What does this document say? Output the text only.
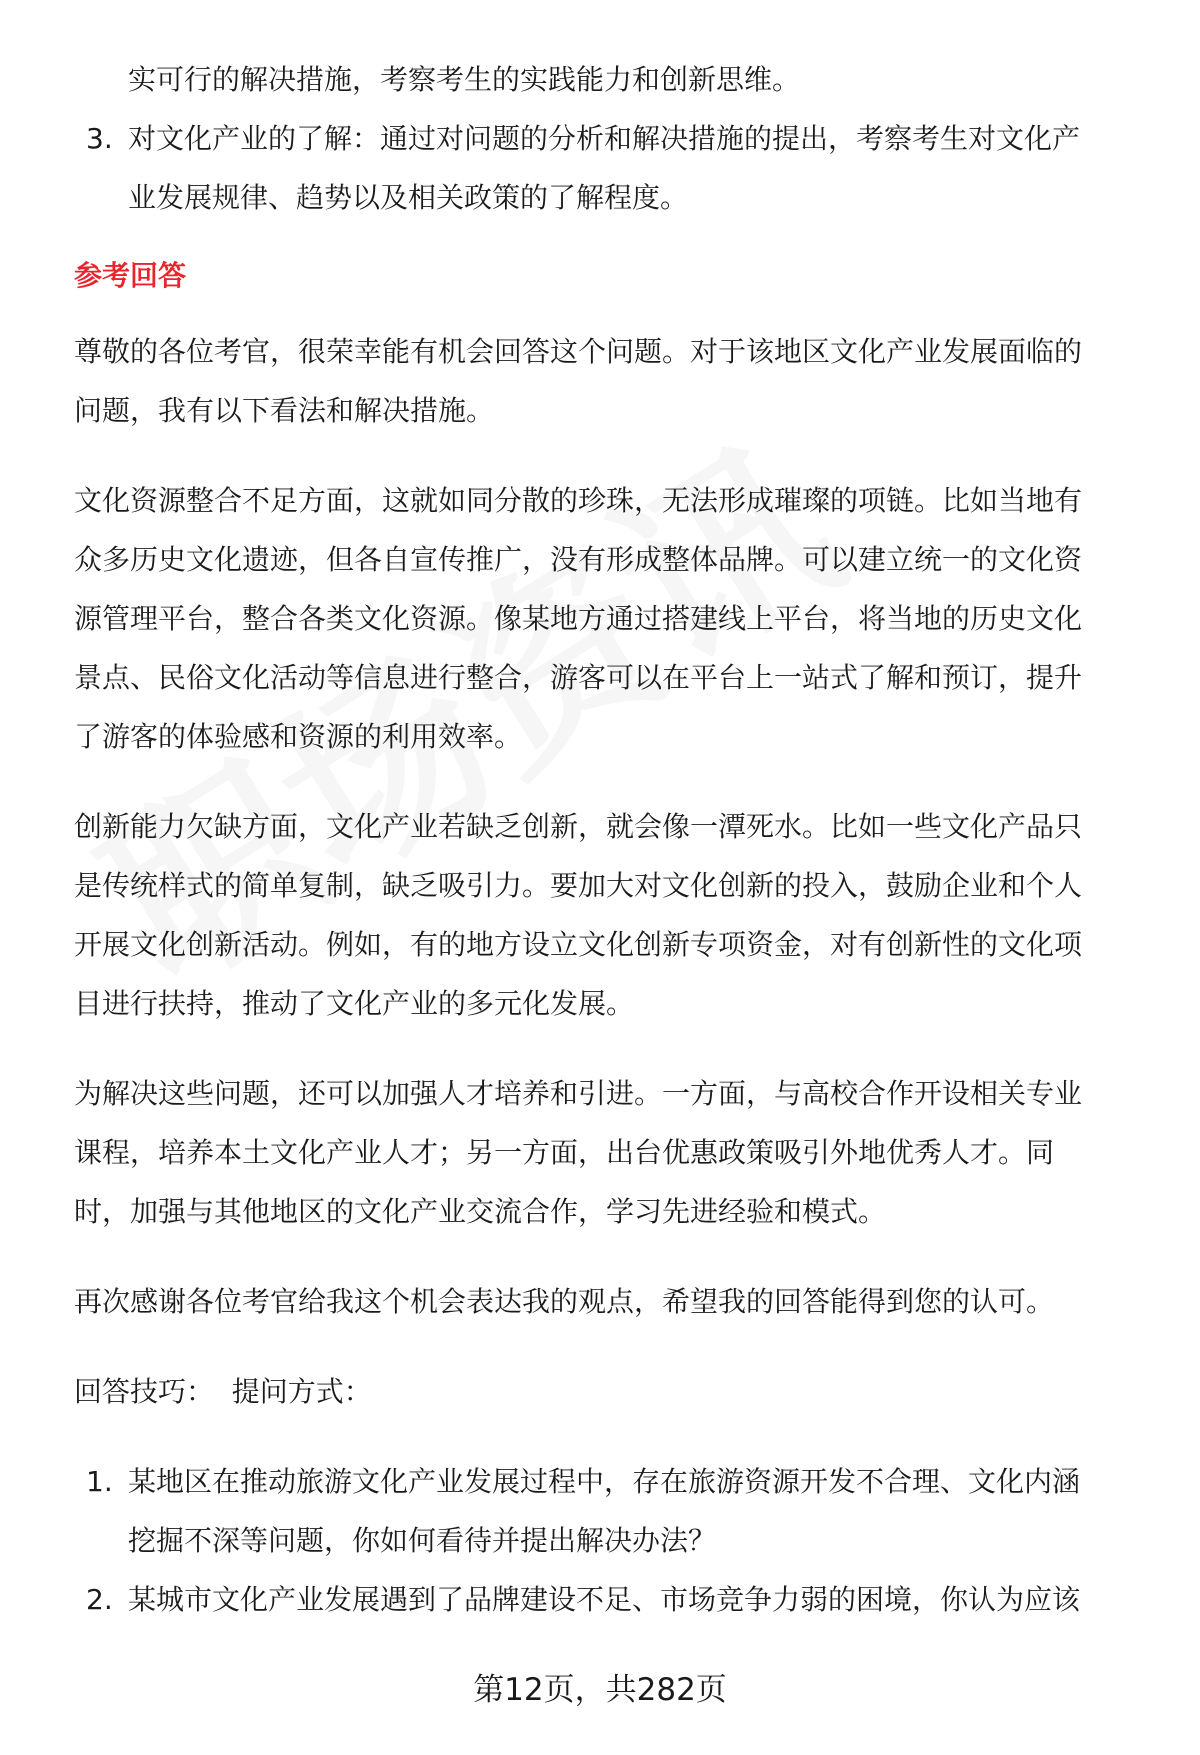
实可行的解决措施，考察考生的实践能力和创新思维。
3. 对文化产业的了解：通过对问题的分析和解决措施的提出，考察考生对文化产
业发展规律、趋势以及相关政策的了解程度。
参考回答

尊敬的各位考官，很荣幸能有机会回答这个问题。对于该地区文化产业发展面临的
问题，我有以下看法和解决措施。

文化资源整合不足方面，这就如同分散的珍珠，无法形成璀璨的项链。比如当地有
众多历史文化遗迹，但各自宣传推广，没有形成整体品牌。可以建立统一的文化资
源管理平台，整合各类文化资源。像某地方通过搭建线上平台，将当地的历史文化
景点、民俗文化活动等信息进行整合，游客可以在平台上一站式了解和预订，提升
了游客的体验感和资源的利用效率。

创新能力欠缺方面，文化产业若缺乏创新，就会像一潭死水。比如一些文化产品只
是传统样式的简单复制，缺乏吸引力。要加大对文化创新的投入，鼓励企业和个人
开展文化创新活动。例如，有的地方设立文化创新专项资金，对有创新性的文化项
目进行扶持，推动了文化产业的多元化发展。

为解决这些问题，还可以加强人才培养和引进。一方面，与高校合作开设相关专业
课程，培养本土文化产业人才；另一方面，出台优惠政策吸引外地优秀人才。同
时，加强与其他地区的文化产业交流合作，学习先进经验和模式。

再次感谢各位考官给我这个机会表达我的观点，希望我的回答能得到您的认可。

回答技巧：  提问方式：

1. 某地区在推动旅游文化产业发展过程中，存在旅游资源开发不合理、文化内涵
挖掘不深等问题，你如何看待并提出解决办法？
2. 某城市文化产业发展遇到了品牌建设不足、市场竞争力弱的困境，你认为应该
第12页，共282页
